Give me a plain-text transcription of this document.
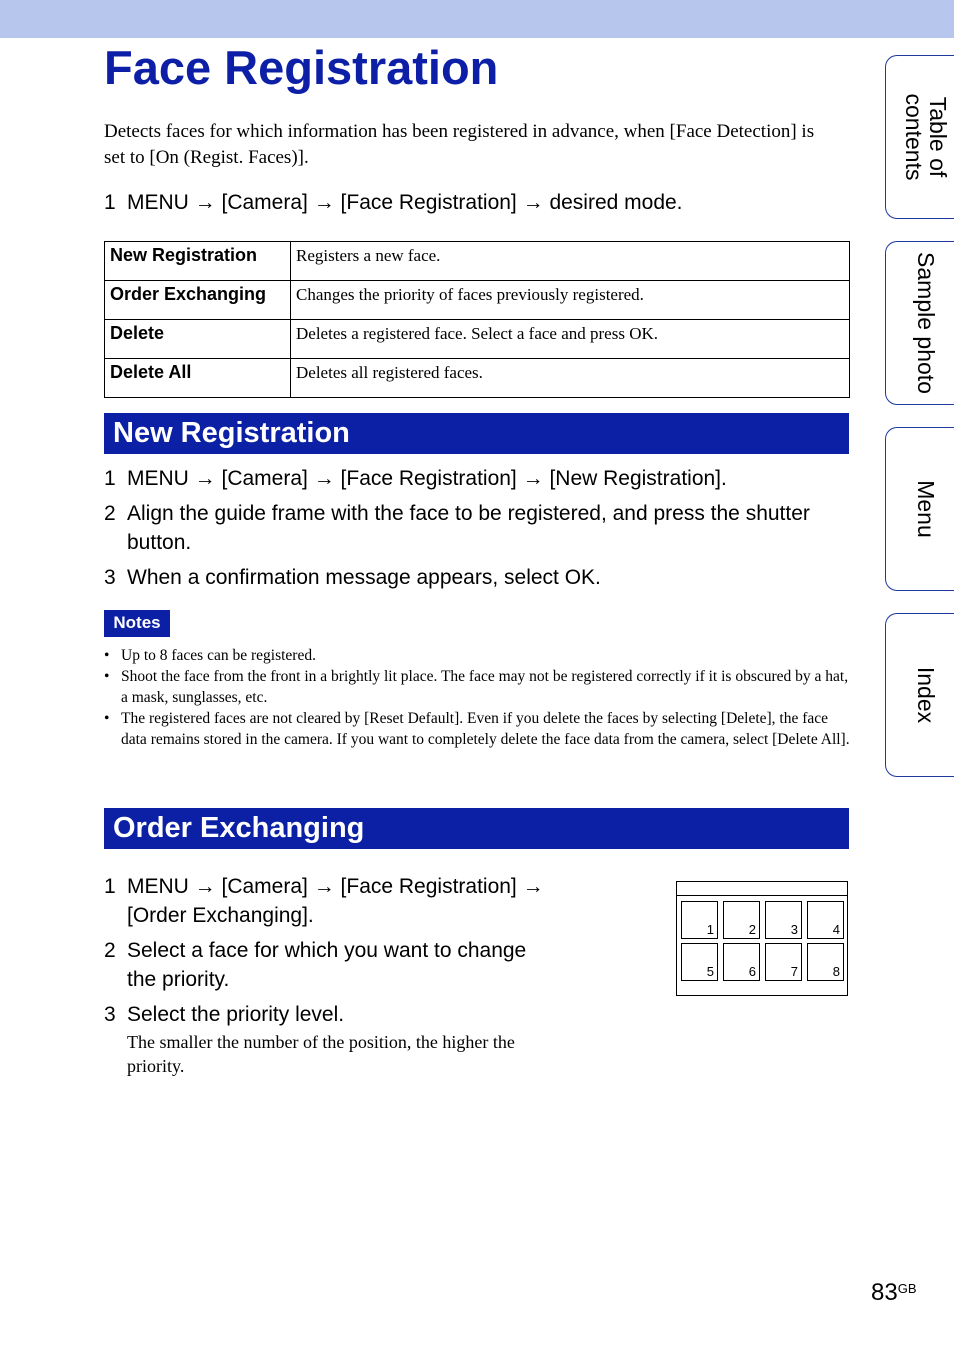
Face Registration
Detects faces for which information has been registered in advance, when [Face Detection] is set to [On (Regist. Faces)].
1 MENU → [Camera] → [Face Registration] → desired mode.
New Registration	Registers a new face.
Order Exchanging	Changes the priority of faces previously registered.
Delete	Deletes a registered face. Select a face and press OK.
Delete All	Deletes all registered faces.
New Registration
1 MENU → [Camera] → [Face Registration] → [New Registration].
2 Align the guide frame with the face to be registered, and press the shutter button.
3 When a confirmation message appears, select OK.
Notes
• Up to 8 faces can be registered.
• Shoot the face from the front in a brightly lit place. The face may not be registered correctly if it is obscured by a hat, a mask, sunglasses, etc.
• The registered faces are not cleared by [Reset Default]. Even if you delete the faces by selecting [Delete], the face data remains stored in the camera. If you want to completely delete the face data from the camera, select [Delete All].
Order Exchanging
1 MENU → [Camera] → [Face Registration] → [Order Exchanging].
2 Select a face for which you want to change the priority.
3 Select the priority level.
The smaller the number of the position, the higher the priority.
1	2	3	4
5	6	7	8
Table of contents
Sample photo
Menu
Index
$83^{GB}$
